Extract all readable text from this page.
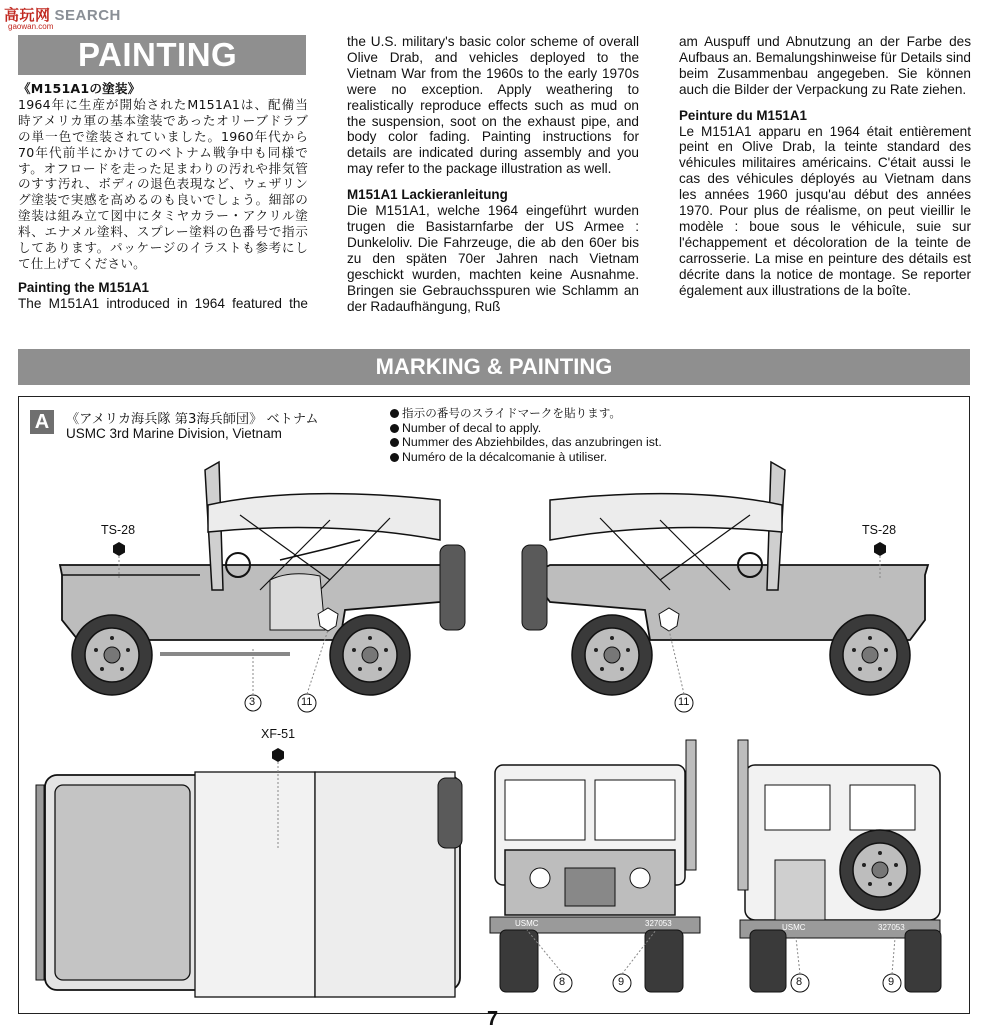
高玩网 SEARCH
gaowan.com
PAINTING
《M151A1の塗装》

1964年に生産が開始されたM151A1は、配備当時アメリカ軍の基本塗装であったオリーブドラブの単一色で塗装されていました。1960年代から70年代前半にかけてのベトナム戦争中も同様です。オフロードを走った足まわりの汚れや排気管のすす汚れ、ボディの退色表現など、ウェザリング塗装で実感を高めるのも良いでしょう。細部の塗装は組み立て図中にタミヤカラー・アクリル塗料、エナメル塗料、スプレー塗料の色番号で指示してあります。パッケージのイラストも参考にして仕上げてください。

Painting the M151A1

The M151A1 introduced in 1964 featured the

the U.S. military's basic color scheme of overall Olive Drab, and vehicles deployed to the Vietnam War from the 1960s to the early 1970s were no exception. Apply weathering to realistically reproduce effects such as mud on the suspension, soot on the exhaust pipe, and body color fading. Painting instructions for details are indicated during assembly and you may refer to the package illustration as well.

M151A1 Lackieranleitung

Die M151A1, welche 1964 eingeführt wurden trugen die Basistarnfarbe der US Armee : Dunkeloliv. Die Fahrzeuge, die ab den 60er bis zu den späten 70er Jahren nach Vietnam geschickt wurden, machten keine Ausnahme. Bringen sie Gebrauchsspuren wie Schlamm an der Radaufhängung, Ruß

am Auspuff und Abnutzung an der Farbe des Aufbaus an. Bemalungshinweise für Details sind beim Zusammenbau angegeben. Sie können auch die Bilder der Verpackung zu Rate ziehen.

Peinture du M151A1

Le M151A1 apparu en 1964 était entièrement peint en Olive Drab, la teinte standard des véhicules militaires américains. C'était aussi le cas des véhicules déployés au Vietnam dans les années 1960 jusqu'au début des années 1970. Pour plus de réalisme, on peut vieillir le modèle : boue sous le véhicule, suie sur l'échappement et décoloration de la teinte de carrosserie. La mise en peinture des détails est décrite dans la notice de montage. Se reporter également aux illustrations de la boîte.

MARKING & PAINTING
A	《アメリカ海兵隊 第3海兵師団》 ベトナム
USMC 3rd Marine Division, Vietnam
指示の番号のスライドマークを貼ります。
Number of decal to apply.
Nummer des Abziehbildes, das anzubringen ist.
Numéro de la décalcomanie à utiliser.
TS-28	TS-28
XF-51
3	11	11
8	9	8	9
USMC	327053	USMC	327053
7
